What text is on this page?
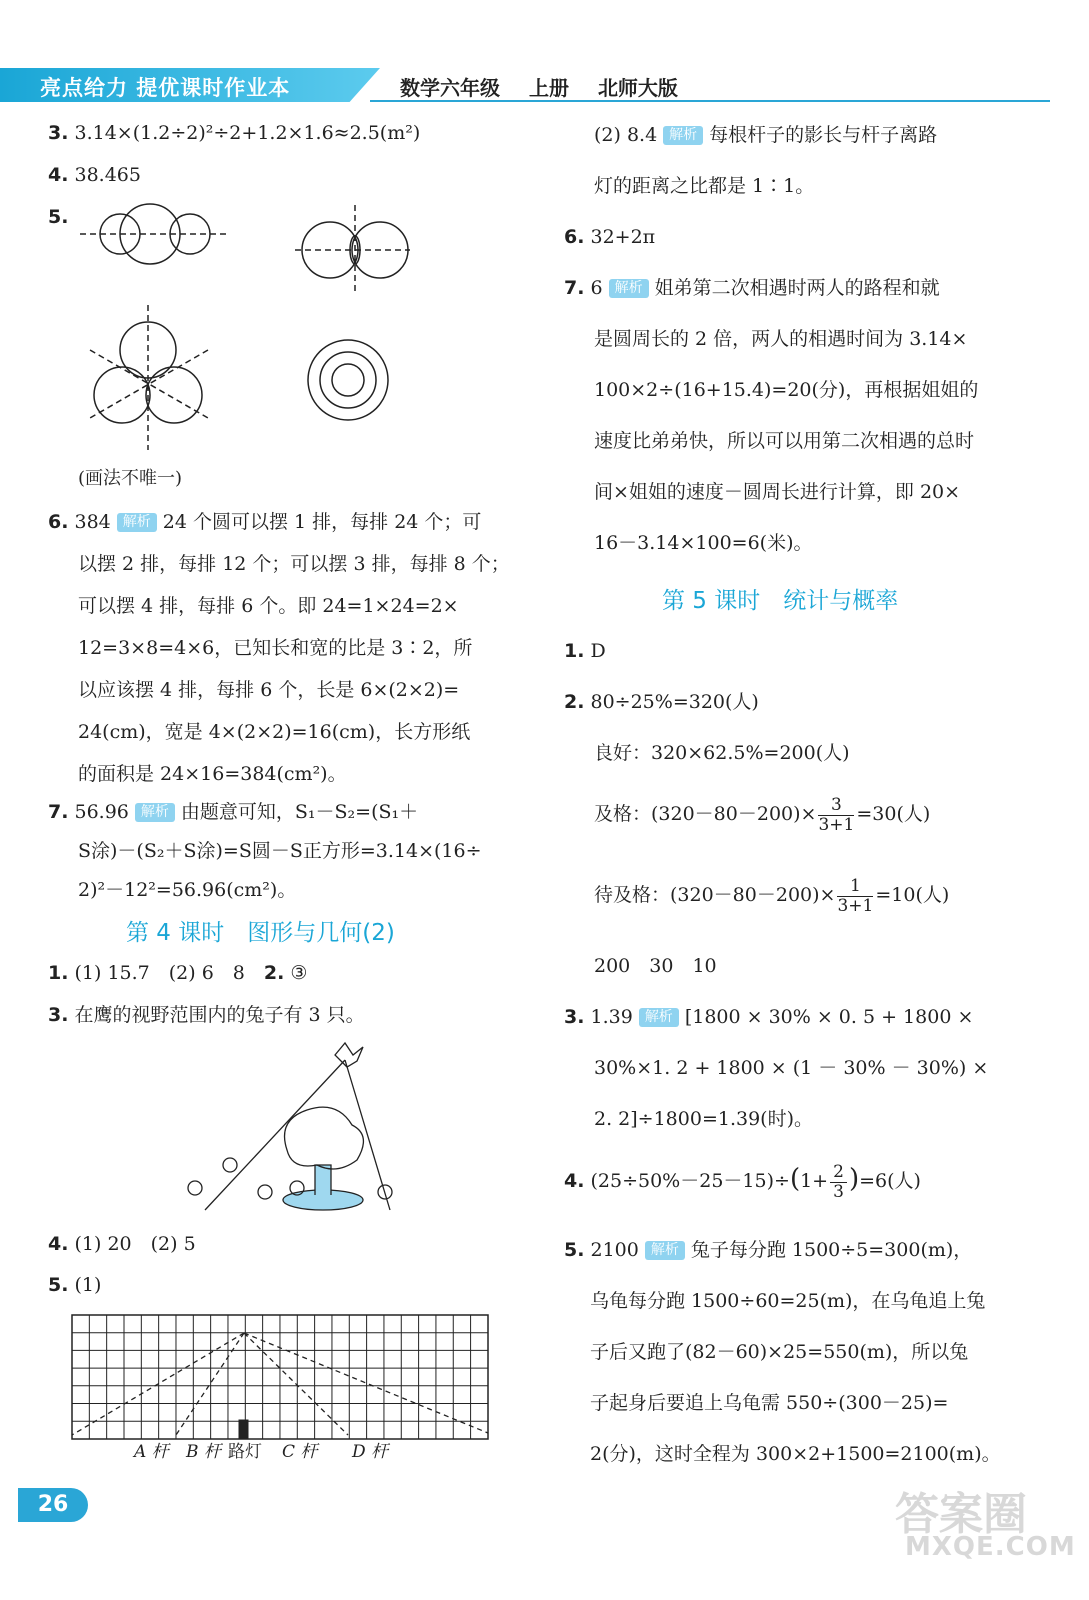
亮点给力 提优课时作业本	数学六年级 上册 北师大版
3. 3.14×(1.2÷2)²÷2+1.2×1.6≈2.5(m²)
4. 38.465
5.
(画法不唯一)
6. 384 解析 24 个圆可以摆 1 排，每排 24 个；可
以摆 2 排，每排 12 个；可以摆 3 排，每排 8 个；
可以摆 4 排，每排 6 个。即 24=1×24=2×
12=3×8=4×6，已知长和宽的比是 3∶2，所
以应该摆 4 排，每排 6 个，长是 6×(2×2)=
24(cm)，宽是 4×(2×2)=16(cm)，长方形纸
的面积是 24×16=384(cm²)。
7. 56.96 解析 由题意可知，S₁－S₂=(S₁＋
S涂)－(S₂＋S涂)=S圆－S正方形=3.14×(16÷
2)²－12²=56.96(cm²)。
第 4 课时　图形与几何(2)
1. (1) 15.7　(2) 6　8　 2. ③
3. 在鹰的视野范围内的兔子有 3 只。
4. (1) 20　(2) 5
5. (1)
A 杆 B 杆 路灯 C 杆 D 杆
(2) 8.4 解析 每根杆子的影长与杆子离路
灯的距离之比都是 1∶1。
6. 32+2π
7. 6 解析 姐弟第二次相遇时两人的路程和就
是圆周长的 2 倍，两人的相遇时间为 3.14×
100×2÷(16+15.4)=20(分)，再根据姐姐的
速度比弟弟快，所以可以用第二次相遇的总时
间×姐姐的速度－圆周长进行计算，即 20×
16－3.14×100=6(米)。
第 5 课时　统计与概率
1. D
2. 80÷25%=320(人)
良好：320×62.5%=200(人)
及格：$(320-80-200)\times \frac{3}{3+1} =30$(人)
待及格：$(320-80-200)\times \frac{1}{3+1} =10$(人)
200　30　10
3. 1.39 解析 [1800 × 30% × 0. 5 + 1800 ×
30%×1. 2 + 1800 × (1 － 30% － 30%) ×
2. 2]÷1800=1.39(时)。
4. $(25\div 50\%-25-15)\div(1+ \frac{2}{3} )=6$(人)
5. 2100 解析 兔子每分跑 1500÷5=300(m)，
乌龟每分跑 1500÷60=25(m)，在乌龟追上兔
子后又跑了(82－60)×25=550(m)，所以兔
子起身后要追上乌龟需 550÷(300－25)=
2(分)，这时全程为 300×2+1500=2100(m)。
26	答案圈
MXQE.COM
